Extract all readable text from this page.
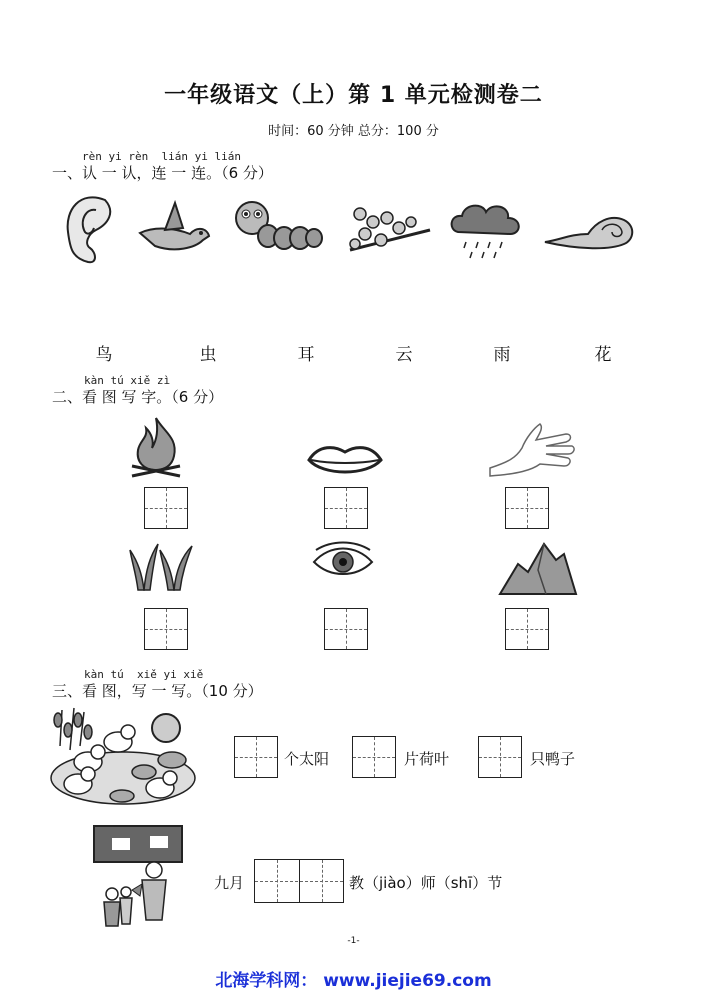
一年级语文（上）第 1 单元检测卷二
时间：60 分钟 总分：100 分
rèn yi rèn  lián yi lián
一、认 一 认，连 一 连。（6 分）
鸟	虫	耳	云	雨	花
kàn tú xiě zì
二、看 图 写 字。（6 分）
kàn tú  xiě yi xiě
三、看 图，写 一 写。（10 分）
个太阳	片荷叶	只鸭子
九月	教（jiào）师（shī）节
-1-
北海学科网： www.jiejie69.com
